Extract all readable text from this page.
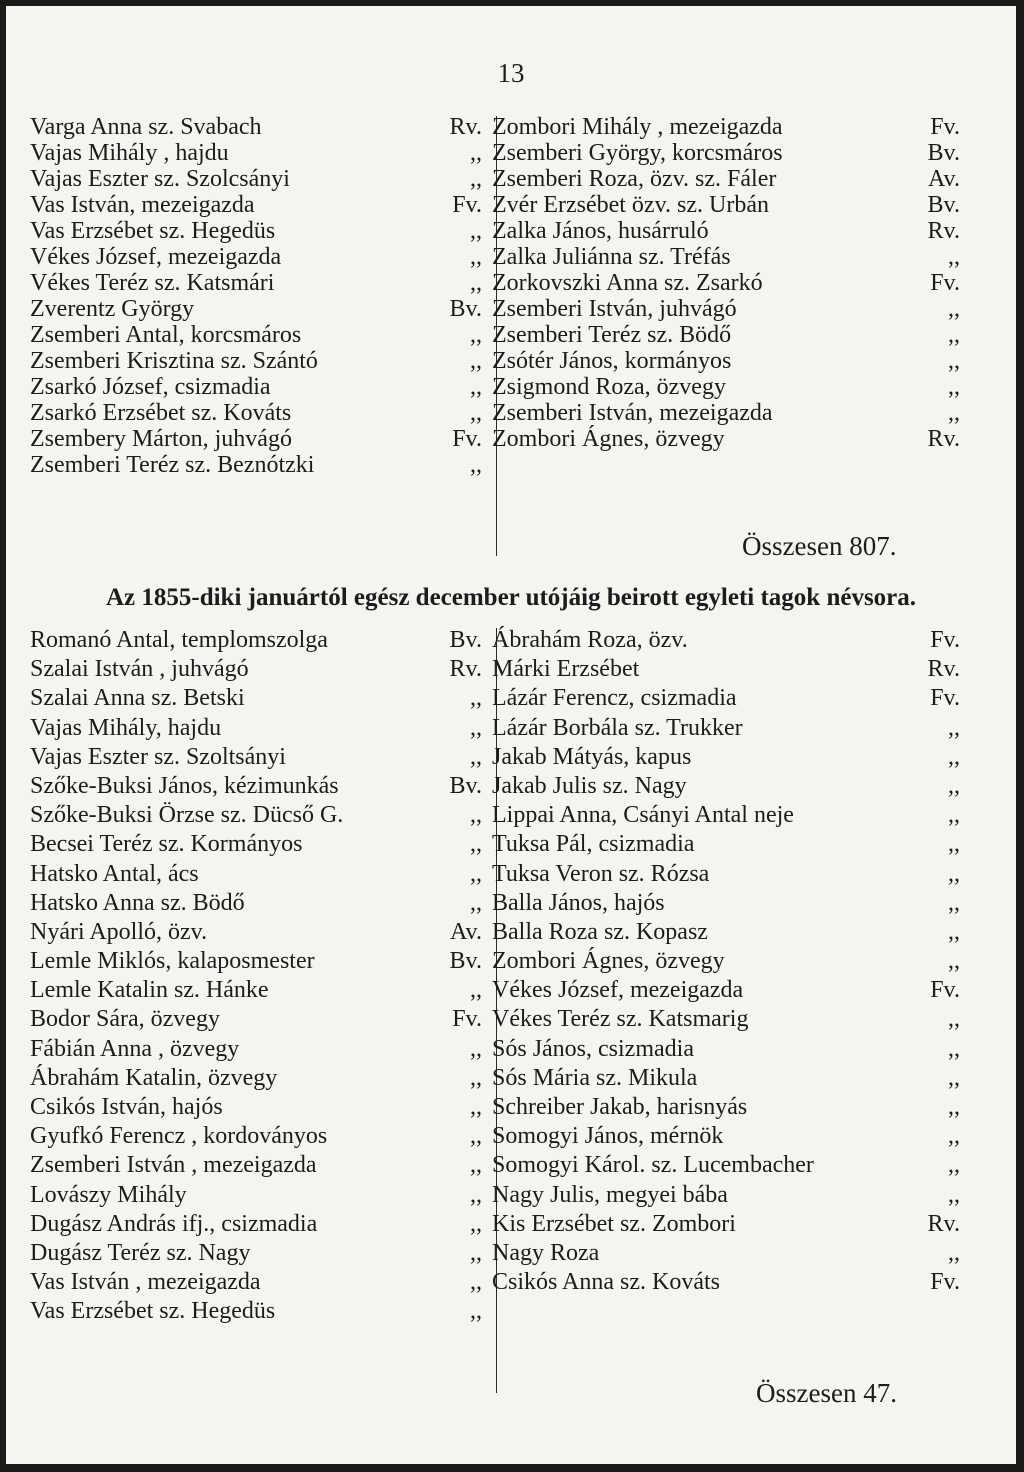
13
Varga Anna sz. Svabach	Rv.
Vajas Mihály , hajdu	,,
Vajas Eszter sz. Szolcsányi	,,
Vas István, mezeigazda	Fv.
Vas Erzsébet sz. Hegedüs	,,
Vékes József, mezeigazda	,,
Vékes Teréz sz. Katsmári	,,
Zverentz György	Bv.
Zsemberi Antal, korcsmáros	,,
Zsemberi Krisztina sz. Szántó	,,
Zsarkó József, csizmadia	,,
Zsarkó Erzsébet sz. Kováts	,,
Zsembery Márton, juhvágó	Fv.
Zsemberi Teréz sz. Beznótzki	,,
Zombori Mihály , mezeigazda	Fv.
Zsemberi György, korcsmáros	Bv.
Zsemberi Roza, özv. sz. Fáler	Av.
Zvér Erzsébet özv. sz. Urbán	Bv.
Zalka János, husárruló	Rv.
Zalka Juliánna sz. Tréfás	,,
Zorkovszki Anna sz. Zsarkó	Fv.
Zsemberi István, juhvágó	,,
Zsemberi Teréz sz. Bödő	,,
Zsótér János, kormányos	,,
Zsigmond Roza, özvegy	,,
Zsemberi István, mezeigazda	,,
Zombori Ágnes, özvegy	Rv.
Összesen 807.
Az 1855-diki januártól egész december utójáig beirott egyleti tagok névsora.
Romanó Antal, templomszolga	Bv.
Szalai István , juhvágó	Rv.
Szalai Anna sz. Betski	,,
Vajas Mihály, hajdu	,,
Vajas Eszter sz. Szoltsányi	,,
Szőke-Buksi János, kézimunkás	Bv.
Szőke-Buksi Örzse sz. Dücső G.	,,
Becsei Teréz sz. Kormányos	,,
Hatsko Antal, ács	,,
Hatsko Anna sz. Bödő	,,
Nyári Apolló, özv.	Av.
Lemle Miklós, kalaposmester	Bv.
Lemle Katalin sz. Hánke	,,
Bodor Sára, özvegy	Fv.
Fábián Anna , özvegy	,,
Ábrahám Katalin, özvegy	,,
Csikós István, hajós	,,
Gyufkó Ferencz , kordoványos	,,
Zsemberi István , mezeigazda	,,
Lovászy Mihály	,,
Dugász András ifj., csizmadia	,,
Dugász Teréz sz. Nagy	,,
Vas István , mezeigazda	,,
Vas Erzsébet sz. Hegedüs	,,
Ábrahám Roza, özv.	Fv.
Márki Erzsébet	Rv.
Lázár Ferencz, csizmadia	Fv.
Lázár Borbála sz. Trukker	,,
Jakab Mátyás, kapus	,,
Jakab Julis sz. Nagy	,,
Lippai Anna, Csányi Antal neje	,,
Tuksa Pál, csizmadia	,,
Tuksa Veron sz. Rózsa	,,
Balla János, hajós	,,
Balla Roza sz. Kopasz	,,
Zombori Ágnes, özvegy	,,
Vékes József, mezeigazda	Fv.
Vékes Teréz sz. Katsmarig	,,
Sós János, csizmadia	,,
Sós Mária sz. Mikula	,,
Schreiber Jakab, harisnyás	,,
Somogyi János, mérnök	,,
Somogyi Károl. sz. Lucembacher	,,
Nagy Julis, megyei bába	,,
Kis Erzsébet sz. Zombori	Rv.
Nagy Roza	,,
Csikós Anna sz. Kováts	Fv.
Összesen 47.
